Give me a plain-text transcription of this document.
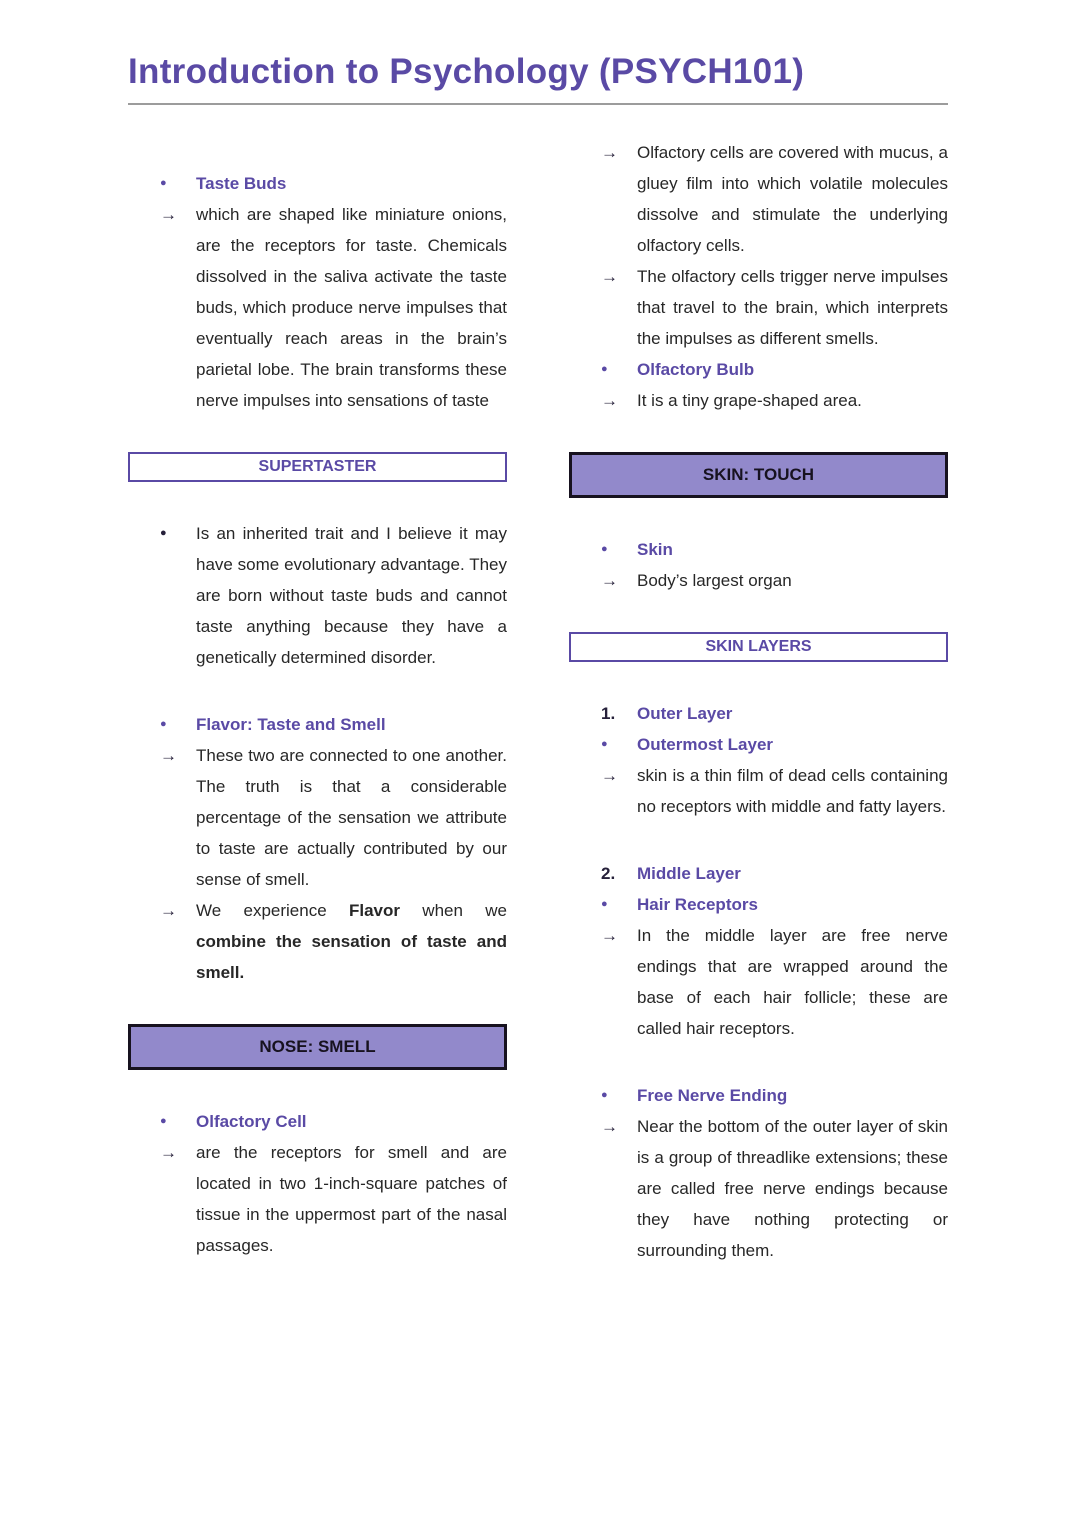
Introduction to Psychology (PSYCH101)
●	Taste Buds
→	which are shaped like miniature onions, are the receptors for taste. Chemicals dissolved in the saliva activate the taste buds, which produce nerve impulses that eventually reach areas in the brain’s parietal lobe. The brain transforms these nerve impulses into sensations of taste
SUPERTASTER
●	Is an inherited trait and I believe it may have some evolutionary advantage. They are born without taste buds and cannot taste anything because they have a genetically determined disorder.
●	Flavor: Taste and Smell
→	These two are connected to one another. The truth is that a considerable percentage of the sensation we attribute to taste are actually contributed by our sense of smell.
→	We experience Flavor when we combine the sensation of taste and smell.
NOSE: SMELL
●	Olfactory Cell
→	are the receptors for smell and are located in two 1-inch-square patches of tissue in the uppermost part of the nasal passages.
→	Olfactory cells are covered with mucus, a gluey film into which volatile molecules dissolve and stimulate the underlying olfactory cells.
→	The olfactory cells trigger nerve impulses that travel to the brain, which interprets the impulses as different smells.
●	Olfactory Bulb
→	It is a tiny grape-shaped area.
SKIN: TOUCH
●	Skin
→	Body’s largest organ
SKIN LAYERS
1.	Outer Layer
●	Outermost Layer
→	skin is a thin film of dead cells containing no receptors with middle and fatty layers.
2.	Middle Layer
●	Hair Receptors
→	In the middle layer are free nerve endings that are wrapped around the base of each hair follicle; these are called hair receptors.
●	Free Nerve Ending
→	Near the bottom of the outer layer of skin is a group of threadlike extensions; these are called free nerve endings because they have nothing protecting or surrounding them.
